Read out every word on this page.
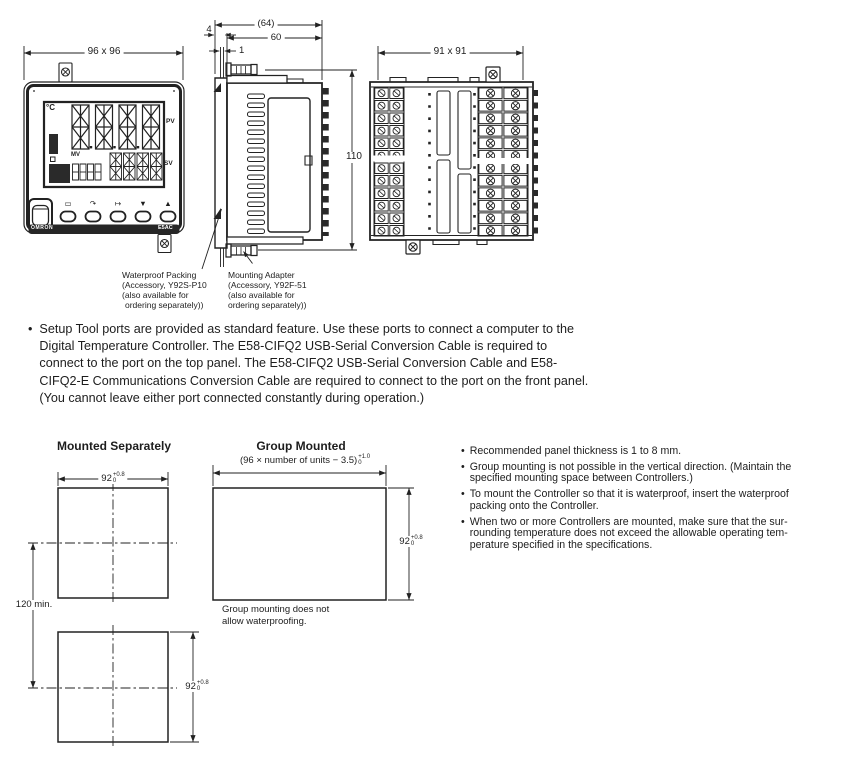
96 x 96
(64)
4
60
1
110
91 x 91
°C
PV
MV
SV
OMRON	E5AC
▭ ↷ ↦ ▼ ▲
Waterproof Packing
(Accessory, Y92S-P10
(also available for
ordering separately))
Mounting Adapter
(Accessory, Y92F-51
(also available for
ordering separately))
• Setup Tool ports are provided as standard feature. Use these ports to connect a computer to the
Digital Temperature Controller. The E58-CIFQ2 USB-Serial Conversion Cable is required to
connect to the port on the top panel. The E58-CIFQ2 USB-Serial Conversion Cable and E58-
CIFQ2-E Communications Conversion Cable are required to connect to the port on the front panel.
(You cannot leave either port connected constantly during operation.)
Mounted Separately	Group Mounted
92 +0.8
0
120 min.
92 +0.8
0
(96 × number of units − 3.5) +1.0
0
92 +0.8
0
Group mounting does not
allow waterproofing.
• Recommended panel thickness is 1 to 8 mm.
• Group mounting is not possible in the vertical direction. (Maintain the
specified mounting space between Controllers.)
• To mount the Controller so that it is waterproof, insert the waterproof
packing onto the Controller.
• When two or more Controllers are mounted, make sure that the sur-
rounding temperature does not exceed the allowable operating tem-
perature specified in the specifications.
